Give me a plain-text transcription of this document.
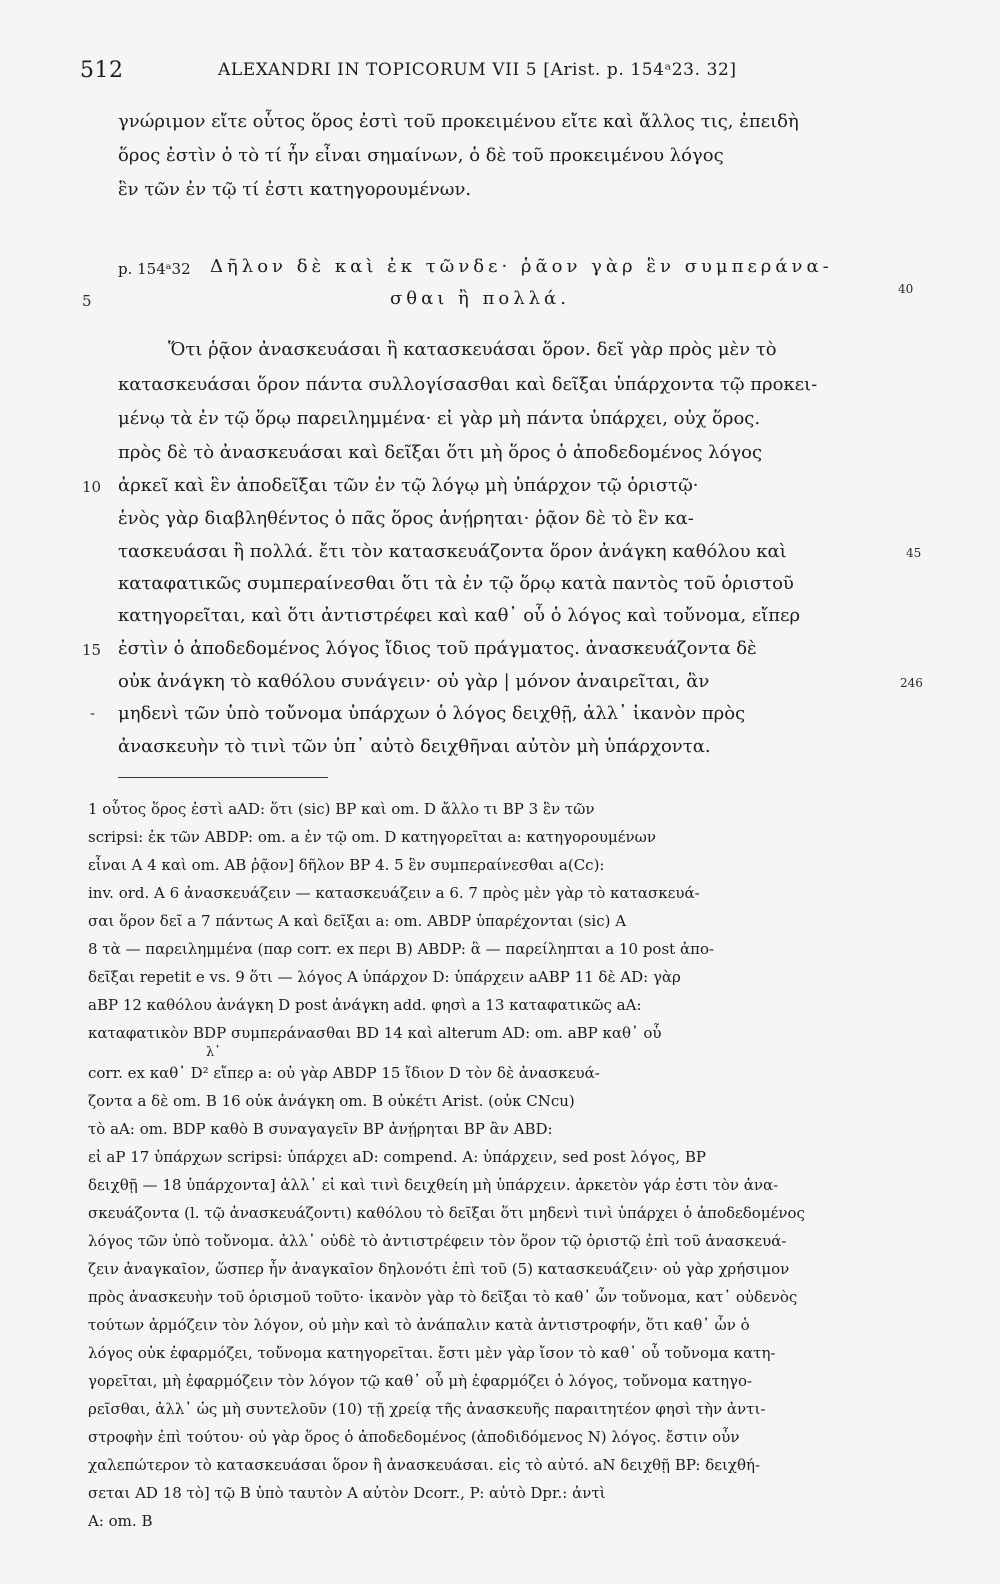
512	ALEXANDRI IN TOPICORUM VII 5 [Arist. p. 154ᵃ23. 32]
γνώριμον εἴτε οὗτος ὅρος ἐστὶ τοῦ προκειμένου εἴτε καὶ ἄλλος τις, ἐπειδὴ
ὅρος ἐστὶν ὁ τὸ τί ἦν εἶναι σημαίνων, ὁ δὲ τοῦ προκειμένου λόγος
ἓν τῶν ἐν τῷ τί ἐστι κατηγορουμένων.
p. 154ᵃ32 Δῆλον δὲ καὶ ἐκ τῶνδε· ῥᾶον γὰρ ἓν συμπεράνα-
5	σθαι ἢ πολλά.	40
Ὅτι ῥᾷον ἀνασκευάσαι ἢ κατασκευάσαι ὅρον. δεῖ γὰρ πρὸς μὲν τὸ
κατασκευάσαι ὅρον πάντα συλλογίσασθαι καὶ δεῖξαι ὑπάρχοντα τῷ προκει-
μένῳ τὰ ἐν τῷ ὅρῳ παρειλημμένα· εἰ γὰρ μὴ πάντα ὑπάρχει, οὐχ ὅρος.
πρὸς δὲ τὸ ἀνασκευάσαι καὶ δεῖξαι ὅτι μὴ ὅρος ὁ ἀποδεδομένος λόγος
ἀρκεῖ καὶ ἓν ἀποδεῖξαι τῶν ἐν τῷ λόγῳ μὴ ὑπάρχον τῷ ὁριστῷ·
ἑνὸς γὰρ διαβληθέντος ὁ πᾶς ὅρος ἀνῄρηται· ῥᾷον δὲ τὸ ἓν κα-
τασκευάσαι ἢ πολλά. ἔτι τὸν κατασκευάζοντα ὅρον ἀνάγκη καθόλου καὶ
καταφατικῶς συμπεραίνεσθαι ὅτι τὰ ἐν τῷ ὅρῳ κατὰ παντὸς τοῦ ὁριστοῦ
κατηγορεῖται, καὶ ὅτι ἀντιστρέφει καὶ καθ᾽ οὗ ὁ λόγος καὶ τοὔνομα, εἴπερ
ἐστὶν ὁ ἀποδεδομένος λόγος ἴδιος τοῦ πράγματος. ἀνασκευάζοντα δὲ
οὐκ ἀνάγκη τὸ καθόλου συνάγειν· οὐ γὰρ | μόνον ἀναιρεῖται, ἂν
μηδενὶ τῶν ὑπὸ τοὔνομα ὑπάρχων ὁ λόγος δειχθῇ, ἀλλ᾽ ἱκανὸν πρὸς
ἀνασκευὴν τὸ τινὶ τῶν ὑπ᾽ αὐτὸ δειχθῆναι αὐτὸν μὴ ὑπάρχοντα.
10
15
-
45
246
1 οὗτος ὅρος ἐστὶ aAD: ὅτι (sic) BP καὶ om. D ἄλλο τι BP 3 ἓν τῶν
scripsi: ἐκ τῶν ABDP: om. a ἐν τῷ om. D κατηγορεῖται a: κατηγορουμένων
εἶναι A 4 καὶ om. AB ῥᾷον] δῆλον BP 4. 5 ἓν συμπεραίνεσθαι a(Cc):
inv. ord. A 6 ἀνασκευάζειν — κατασκευάζειν a 6. 7 πρὸς μὲν γὰρ τὸ κατασκευά-
σαι ὅρον δεῖ a 7 πάντως A καὶ δεῖξαι a: om. ABDP ὑπαρέχονται (sic) A
8 τὰ — παρειλημμένα (παρ corr. ex περι B) ABDP: ἃ — παρείληπται a 10 post ἀπο-
δεῖξαι repetit e vs. 9 ὅτι — λόγος A ὑπάρχον D: ὑπάρχειν aABP 11 δὲ AD: γὰρ
aBP 12 καθόλου ἀνάγκη D post ἀνάγκη add. φησὶ a 13 καταφατικῶς aA:
καταφατικὸν BDP συμπεράνασθαι BD 14 καὶ alterum AD: om. aBP καθ᾽ οὗ
λ᾽
corr. ex καθ᾽ D² εἴπερ a: οὐ γὰρ ABDP 15 ἴδιον D τὸν δὲ ἀνασκευά-
ζοντα a δὲ om. B 16 οὐκ ἀνάγκη om. B οὐκέτι Arist. (οὐκ CNcu)
τὸ aA: om. BDP καθὸ B συναγαγεῖν BP ἀνῄρηται BP ἂν ABD:
εἰ aP 17 ὑπάρχων scripsi: ὑπάρχει aD: compend. A: ὑπάρχειν, sed post λόγος, BP
δειχθῇ — 18 ὑπάρχοντα] ἀλλ᾽ εἰ καὶ τινὶ δειχθείη μὴ ὑπάρχειν. ἀρκετὸν γάρ ἐστι τὸν ἀνα-
σκευάζοντα (l. τῷ ἀνασκευάζοντι) καθόλου τὸ δεῖξαι ὅτι μηδενὶ τινὶ ὑπάρχει ὁ ἀποδεδομένος
λόγος τῶν ὑπὸ τοὔνομα. ἀλλ᾽ οὐδὲ τὸ ἀντιστρέφειν τὸν ὅρον τῷ ὁριστῷ ἐπὶ τοῦ ἀνασκευά-
ζειν ἀναγκαῖον, ὥσπερ ἦν ἀναγκαῖον δηλονότι ἐπὶ τοῦ (5) κατασκευάζειν· οὐ γὰρ χρήσιμον
πρὸς ἀνασκευὴν τοῦ ὁρισμοῦ τοῦτο· ἱκανὸν γὰρ τὸ δεῖξαι τὸ καθ᾽ ὧν τοὔνομα, κατ᾽ οὐδενὸς
τούτων ἁρμόζειν τὸν λόγον, οὐ μὴν καὶ τὸ ἀνάπαλιν κατὰ ἀντιστροφήν, ὅτι καθ᾽ ὧν ὁ
λόγος οὐκ ἐφαρμόζει, τοὔνομα κατηγορεῖται. ἔστι μὲν γὰρ ἴσον τὸ καθ᾽ οὗ τοὔνομα κατη-
γορεῖται, μὴ ἐφαρμόζειν τὸν λόγον τῷ καθ᾽ οὗ μὴ ἐφαρμόζει ὁ λόγος, τοὔνομα κατηγο-
ρεῖσθαι, ἀλλ᾽ ὡς μὴ συντελοῦν (10) τῇ χρείᾳ τῆς ἀνασκευῆς παραιτητέον φησὶ τὴν ἀντι-
στροφὴν ἐπὶ τούτου· οὐ γὰρ ὅρος ὁ ἀποδεδομένος (ἀποδιδόμενος N) λόγος. ἔστιν οὖν
χαλεπώτερον τὸ κατασκευάσαι ὅρον ἢ ἀνασκευάσαι. εἰς τὸ αὐτό. aN δειχθῇ BP: δειχθή-
σεται AD 18 τὸ] τῷ B ὑπὸ ταυτὸν A αὐτὸν Dcorr., P: αὐτὸ Dpr.: ἀντὶ
A: om. B
